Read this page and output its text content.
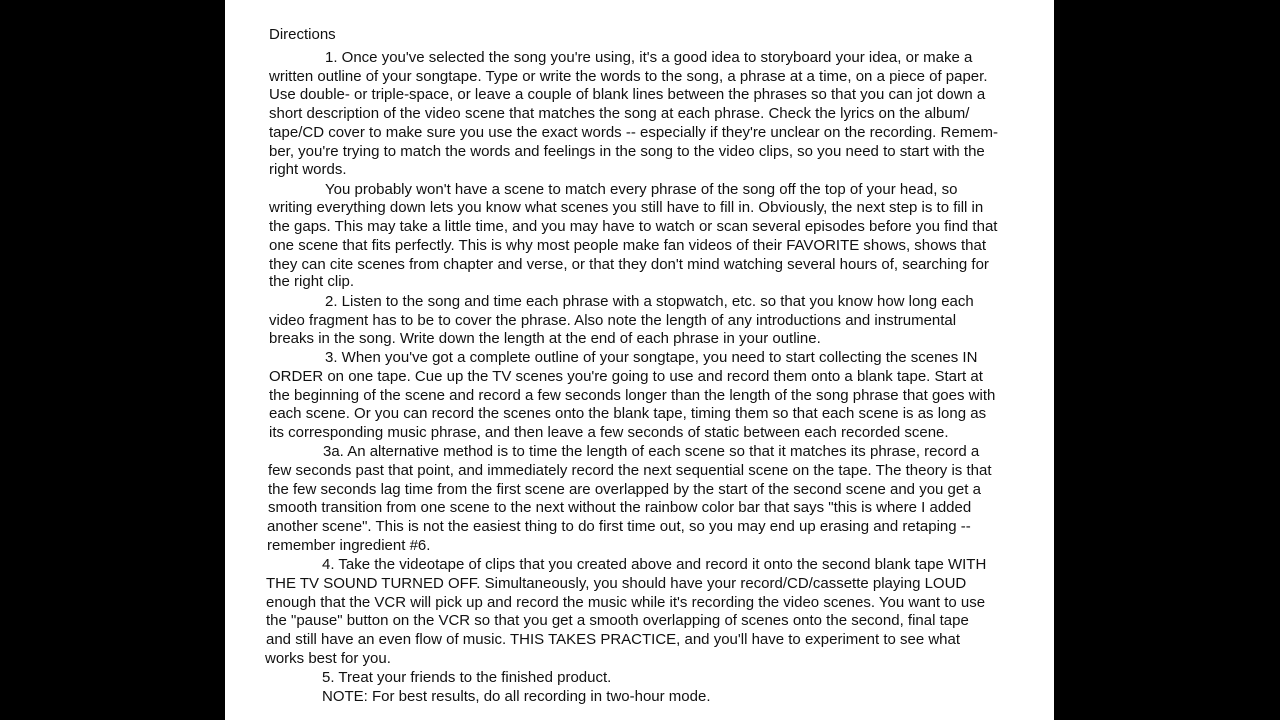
Directions
1. Once you've selected the song you're using, it's a good idea to storyboard your idea, or make a
written outline of your songtape. Type or write the words to the song, a phrase at a time, on a piece of paper.
Use double- or triple-space, or leave a couple of blank lines between the phrases so that you can jot down a
short description of the video scene that matches the song at each phrase. Check the lyrics on the album/
tape/CD cover to make sure you use the exact words -- especially if they're unclear on the recording. Remem-
ber, you're trying to match the words and feelings in the song to the video clips, so you need to start with the
right words.
You probably won't have a scene to match every phrase of the song off the top of your head, so
writing everything down lets you know what scenes you still have to fill in. Obviously, the next step is to fill in
the gaps. This may take a little time, and you may have to watch or scan several episodes before you find that
one scene that fits perfectly. This is why most people make fan videos of their FAVORITE shows, shows that
they can cite scenes from chapter and verse, or that they don't mind watching several hours of, searching for
the right clip.
2. Listen to the song and time each phrase with a stopwatch, etc. so that you know how long each
video fragment has to be to cover the phrase. Also note the length of any introductions and instrumental
breaks in the song. Write down the length at the end of each phrase in your outline.
3. When you've got a complete outline of your songtape, you need to start collecting the scenes IN
ORDER on one tape. Cue up the TV scenes you're going to use and record them onto a blank tape. Start at
the beginning of the scene and record a few seconds longer than the length of the song phrase that goes with
each scene. Or you can record the scenes onto the blank tape, timing them so that each scene is as long as
its corresponding music phrase, and then leave a few seconds of static between each recorded scene.
3a. An alternative method is to time the length of each scene so that it matches its phrase, record a
few seconds past that point, and immediately record the next sequential scene on the tape. The theory is that
the few seconds lag time from the first scene are overlapped by the start of the second scene and you get a
smooth transition from one scene to the next without the rainbow color bar that says "this is where I added
another scene". This is not the easiest thing to do first time out, so you may end up erasing and retaping --
remember ingredient #6.
4. Take the videotape of clips that you created above and record it onto the second blank tape WITH
THE TV SOUND TURNED OFF. Simultaneously, you should have your record/CD/cassette playing LOUD
enough that the VCR will pick up and record the music while it's recording the video scenes. You want to use
the "pause" button on the VCR so that you get a smooth overlapping of scenes onto the second, final tape
and still have an even flow of music. THIS TAKES PRACTICE, and you'll have to experiment to see what
works best for you.
5. Treat your friends to the finished product.
NOTE: For best results, do all recording in two-hour mode.
